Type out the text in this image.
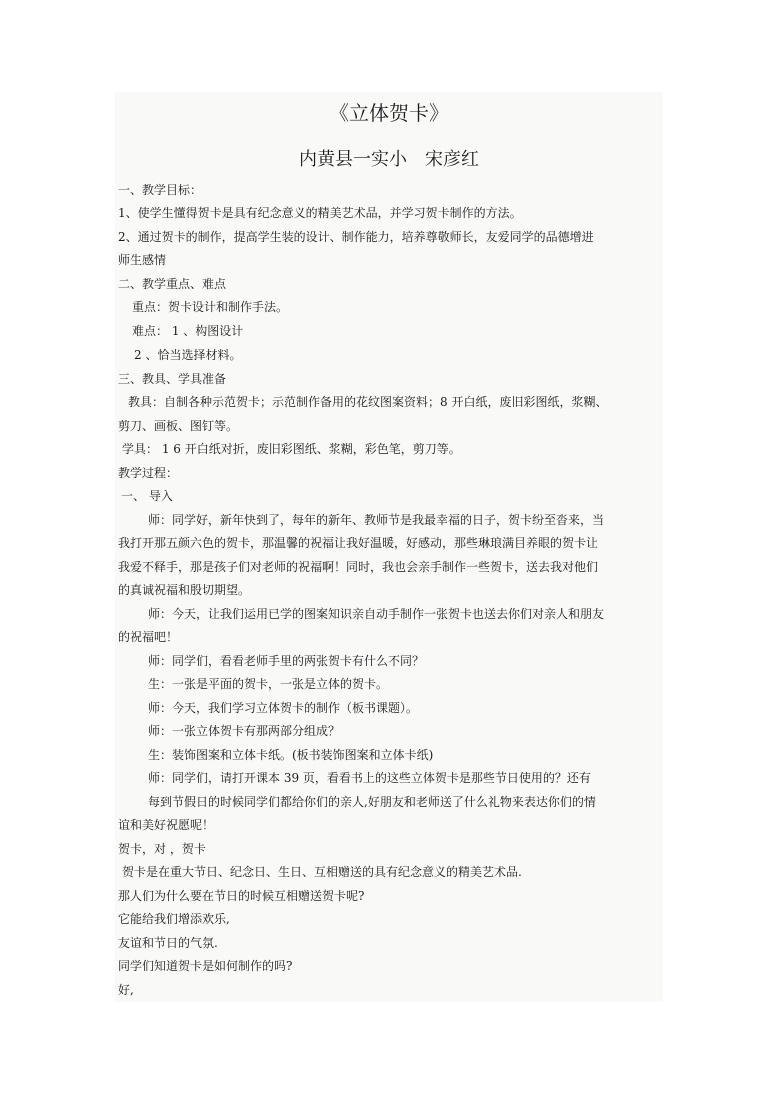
《立体贺卡》
内黄县一实小　宋彦红
一、教学目标：
1、使学生懂得贺卡是具有纪念意义的精美艺术品，并学习贺卡制作的方法。
2、通过贺卡的制作，提高学生装的设计、制作能力，培养尊敬师长，友爱同学的品德增进
师生感情
二、教学重点、难点
重点：贺卡设计和制作手法。
难点： 1 、构图设计
2 、恰当选择材料。
三、教具、学具准备
教具：自制各种示范贺卡；示范制作备用的花纹图案资料；8 开白纸，废旧彩图纸，浆糊、
剪刀、画板、图钉等。
学具： 1 6 开白纸对折，废旧彩图纸、浆糊，彩色笔，剪刀等。
教学过程：
一、 导入
师：同学好，新年快到了，每年的新年、教师节是我最幸福的日子，贺卡纷至沓来，当
我打开那五颜六色的贺卡，那温馨的祝福让我好温暖，好感动，那些琳琅满目养眼的贺卡让
我爱不释手，那是孩子们对老师的祝福啊！同时，我也会亲手制作一些贺卡，送去我对他们
的真诚祝福和殷切期望。
师：今天，让我们运用已学的图案知识亲自动手制作一张贺卡也送去你们对亲人和朋友
的祝福吧！
师：同学们，看看老师手里的两张贺卡有什么不同？
生：一张是平面的贺卡，一张是立体的贺卡。
师：今天，我们学习立体贺卡的制作（板书课题）。
师：一张立体贺卡有那两部分组成？
生：装饰图案和立体卡纸。(板书装饰图案和立体卡纸)
师：同学们，请打开课本 39 页，看看书上的这些立体贺卡是那些节日使用的？还有
每到节假日的时候同学们都给你们的亲人,好朋友和老师送了什么礼物来表达你们的情
谊和美好祝愿呢！
贺卡，对 ，贺卡
贺卡是在重大节日、纪念日、生日、互相赠送的具有纪念意义的精美艺术品.
那人们为什么要在节日的时候互相赠送贺卡呢?
它能给我们增添欢乐,
友谊和节日的气氛.
同学们知道贺卡是如何制作的吗?
好,
